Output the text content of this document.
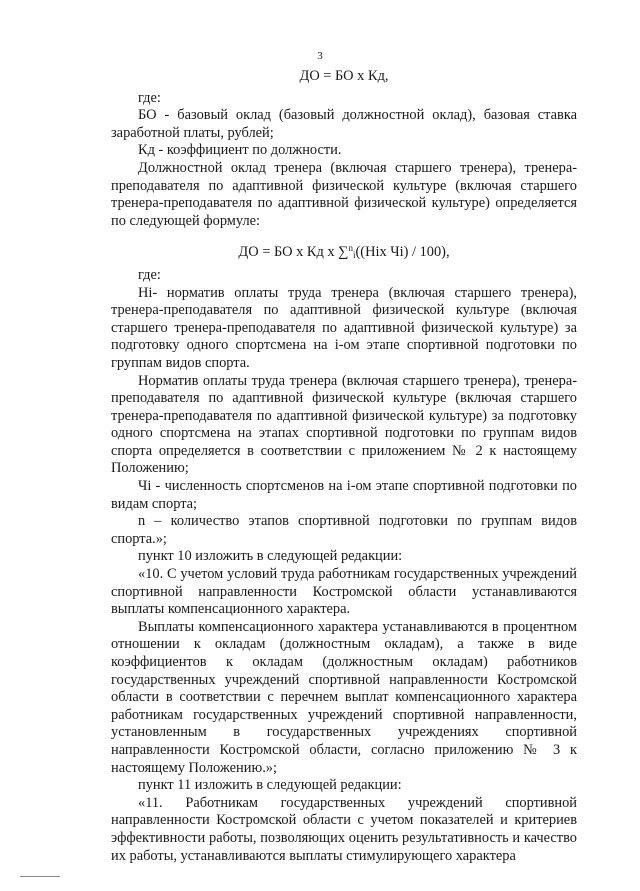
3

ДО = БО х Кд,

где:

БО - базовый оклад (базовый должностной оклад), базовая ставка заработной платы, рублей;

Кд - коэффициент по должности.

Должностной оклад тренера (включая старшего тренера), тренера-преподавателя по адаптивной физической культуре (включая старшего тренера-преподавателя по адаптивной физической культуре) определяется по следующей формуле:

ДО = БО х Кд х ∑$^n_i$((Hiх Чi) / 100),

где:

Hi- норматив оплаты труда тренера (включая старшего тренера), тренера-преподавателя по адаптивной физической культуре (включая старшего тренера-преподавателя по адаптивной физической культуре) за подготовку одного спортсмена на i-ом этапе спортивной подготовки по группам видов спорта.

Норматив оплаты труда тренера (включая старшего тренера), тренера-преподавателя по адаптивной физической культуре (включая старшего тренера-преподавателя по адаптивной физической культуре) за подготовку одного спортсмена на этапах спортивной подготовки по группам видов спорта определяется в соответствии с приложением № 2 к настоящему Положению;

Чi - численность спортсменов на i-ом этапе спортивной подготовки по видам спорта;

n – количество этапов спортивной подготовки по группам видов спорта.»;

пункт 10 изложить в следующей редакции:

«10. С учетом условий труда работникам государственных учреждений спортивной направленности Костромской области устанавливаются выплаты компенсационного характера.

Выплаты компенсационного характера устанавливаются в процентном отношении к окладам (должностным окладам), а также в виде коэффициентов к окладам (должностным окладам) работников государственных учреждений спортивной направленности Костромской области в соответствии с перечнем выплат компенсационного характера работникам государственных учреждений спортивной направленности, установленным в государственных учреждениях спортивной направленности Костромской области, согласно приложению № 3 к настоящему Положению.»;

пункт 11 изложить в следующей редакции:

«11. Работникам государственных учреждений спортивной направленности Костромской области с учетом показателей и критериев эффективности работы, позволяющих оценить результативность и качество их работы, устанавливаются выплаты стимулирующего характера
